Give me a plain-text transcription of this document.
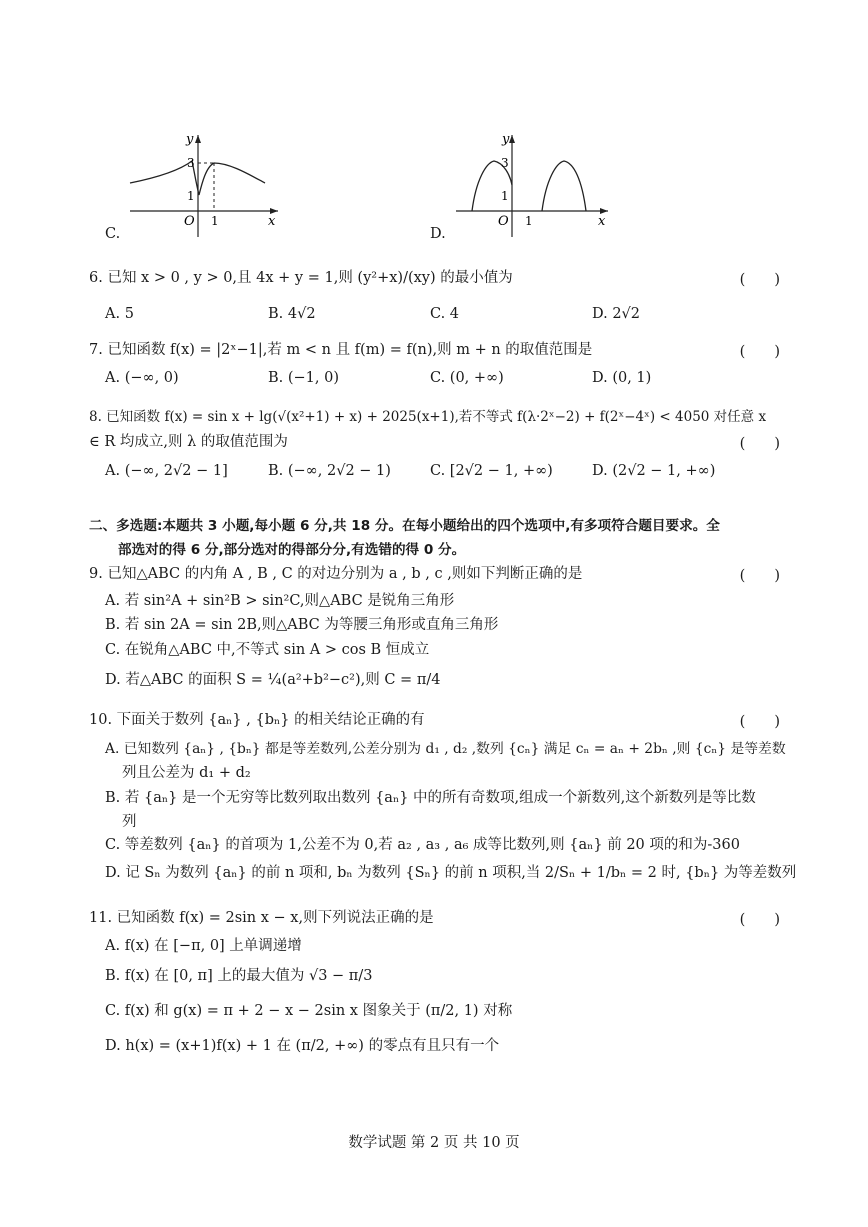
y
x
O
3
1
1
C.
y
x
O
3
1
1
D.
6. 已知 x > 0 , y > 0,且 4x + y = 1,则 (y²+x)/(xy) 的最小值为	(　　)
A. 5	B. 4√2	C. 4	D. 2√2
7. 已知函数 f(x) = |2ˣ−1|,若 m < n 且 f(m) = f(n),则 m + n 的取值范围是	(　　)
A. (−∞, 0)	B. (−1, 0)	C. (0, +∞)	D. (0, 1)
8. 已知函数 f(x) = sin x + lg(√(x²+1) + x) + 2025(x+1),若不等式 f(λ·2ˣ−2) + f(2ˣ−4ˣ) < 4050 对任意 x
∈ R 均成立,则 λ 的取值范围为	(　　)
A. (−∞, 2√2 − 1]	B. (−∞, 2√2 − 1)	C. [2√2 − 1, +∞)	D. (2√2 − 1, +∞)
二、多选题:本题共 3 小题,每小题 6 分,共 18 分。在每小题给出的四个选项中,有多项符合题目要求。全
部选对的得 6 分,部分选对的得部分分,有选错的得 0 分。
9. 已知△ABC 的内角 A , B , C 的对边分别为 a , b , c ,则如下判断正确的是	(　　)
A. 若 sin²A + sin²B > sin²C,则△ABC 是锐角三角形
B. 若 sin 2A = sin 2B,则△ABC 为等腰三角形或直角三角形
C. 在锐角△ABC 中,不等式 sin A > cos B 恒成立
D. 若△ABC 的面积 S = ¼(a²+b²−c²),则 C = π/4
10. 下面关于数列 {aₙ} , {bₙ} 的相关结论正确的有	(　　)
A. 已知数列 {aₙ} , {bₙ} 都是等差数列,公差分别为 d₁ , d₂ ,数列 {cₙ} 满足 cₙ = aₙ + 2bₙ ,则 {cₙ} 是等差数
列且公差为 d₁ + d₂
B. 若 {aₙ} 是一个无穷等比数列取出数列 {aₙ} 中的所有奇数项,组成一个新数列,这个新数列是等比数
列
C. 等差数列 {aₙ} 的首项为 1,公差不为 0,若 a₂ , a₃ , a₆ 成等比数列,则 {aₙ} 前 20 项的和为-360
D. 记 Sₙ 为数列 {aₙ} 的前 n 项和, bₙ 为数列 {Sₙ} 的前 n 项积,当 2/Sₙ + 1/bₙ = 2 时, {bₙ} 为等差数列
11. 已知函数 f(x) = 2sin x − x,则下列说法正确的是	(　　)
A. f(x) 在 [−π, 0] 上单调递增
B. f(x) 在 [0, π] 上的最大值为 √3 − π/3
C. f(x) 和 g(x) = π + 2 − x − 2sin x 图象关于 (π/2, 1) 对称
D. h(x) = (x+1)f(x) + 1 在 (π/2, +∞) 的零点有且只有一个
数学试题 第 2 页 共 10 页
